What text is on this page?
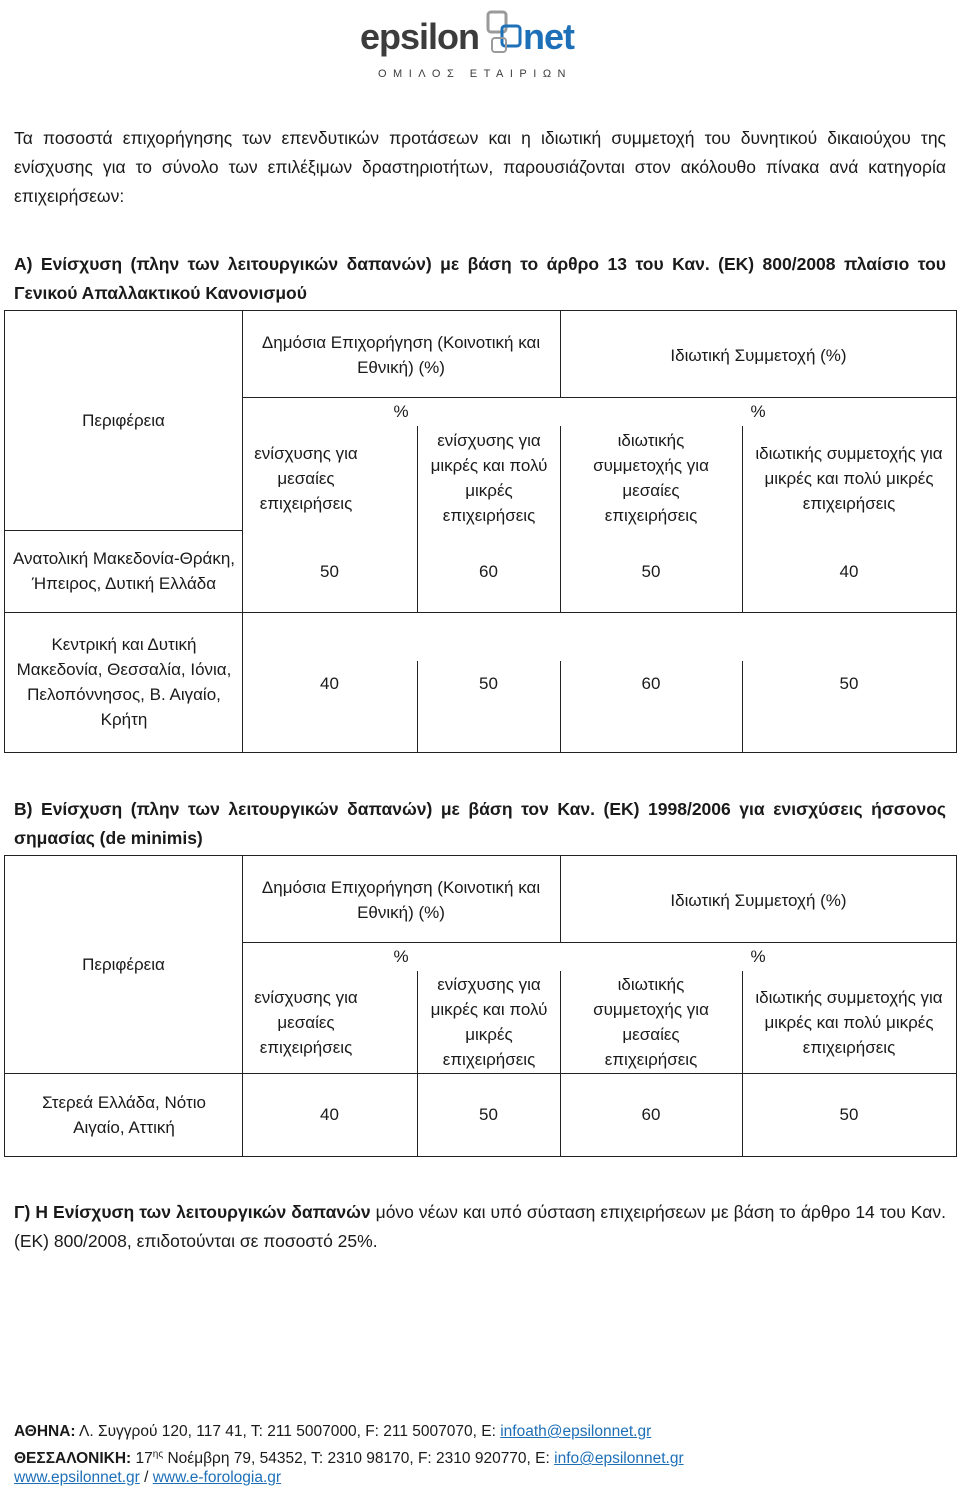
epsilon net
ΟΜΙΛΟΣ ΕΤΑΙΡΙΩΝ
Τα ποσοστά επιχορήγησης των επενδυτικών προτάσεων και η ιδιωτική συμμετοχή του δυνητικού δικαιούχου της ενίσχυσης για το σύνολο των επιλέξιμων δραστηριοτήτων, παρουσιάζονται στον ακόλουθο πίνακα ανά κατηγορία επιχειρήσεων:
Α) Ενίσχυση (πλην των λειτουργικών δαπανών) με βάση το άρθρο 13 του Καν. (ΕΚ) 800/2008 πλαίσιο του Γενικού Απαλλακτικού Κανονισμού
Περιφέρεια
Δημόσια Επιχορήγηση (Κοινοτική και Εθνική) (%)
Ιδιωτική Συμμετοχή (%)
%	%
ενίσχυσης για μεσαίες επιχειρήσεις
ενίσχυσης για μικρές και πολύ μικρές επιχειρήσεις
ιδιωτικής συμμετοχής για μεσαίες επιχειρήσεις
ιδιωτικής συμμετοχής για μικρές και πολύ μικρές επιχειρήσεις
Ανατολική Μακεδονία-Θράκη, Ήπειρος, Δυτική Ελλάδα
50	60	50	40
Κεντρική και Δυτική Μακεδονία, Θεσσαλία, Ιόνια, Πελοπόννησος, Β. Αιγαίο, Κρήτη
40	50	60	50
Β) Ενίσχυση (πλην των λειτουργικών δαπανών) με βάση τον Καν. (ΕΚ) 1998/2006 για ενισχύσεις ήσσονος σημασίας (de minimis)
Περιφέρεια
Δημόσια Επιχορήγηση (Κοινοτική και Εθνική) (%)
Ιδιωτική Συμμετοχή (%)
%	%
ενίσχυσης για μεσαίες επιχειρήσεις
ενίσχυσης για μικρές και πολύ μικρές επιχειρήσεις
ιδιωτικής συμμετοχής για μεσαίες επιχειρήσεις
ιδιωτικής συμμετοχής για μικρές και πολύ μικρές επιχειρήσεις
Στερεά Ελλάδα, Νότιο Αιγαίο, Αττική
40	50	60	50
Γ) Η Ενίσχυση των λειτουργικών δαπανών μόνο νέων και υπό σύσταση επιχειρήσεων με βάση το άρθρο 14 του Καν. (ΕΚ) 800/2008, επιδοτούνται σε ποσοστό 25%.
ΑΘΗΝΑ: Λ. Συγγρού 120, 117 41, Τ: 211 5007000, F: 211 5007070, E: infoath@epsilonnet.gr
ΘΕΣΣΑΛΟΝΙΚΗ: $17^{\eta\varsigma}$ Νοέμβρη 79, 54352, Τ: 2310 98170, F: 2310 920770, E: info@epsilonnet.gr
www.epsilonnet.gr / www.e-forologia.gr
